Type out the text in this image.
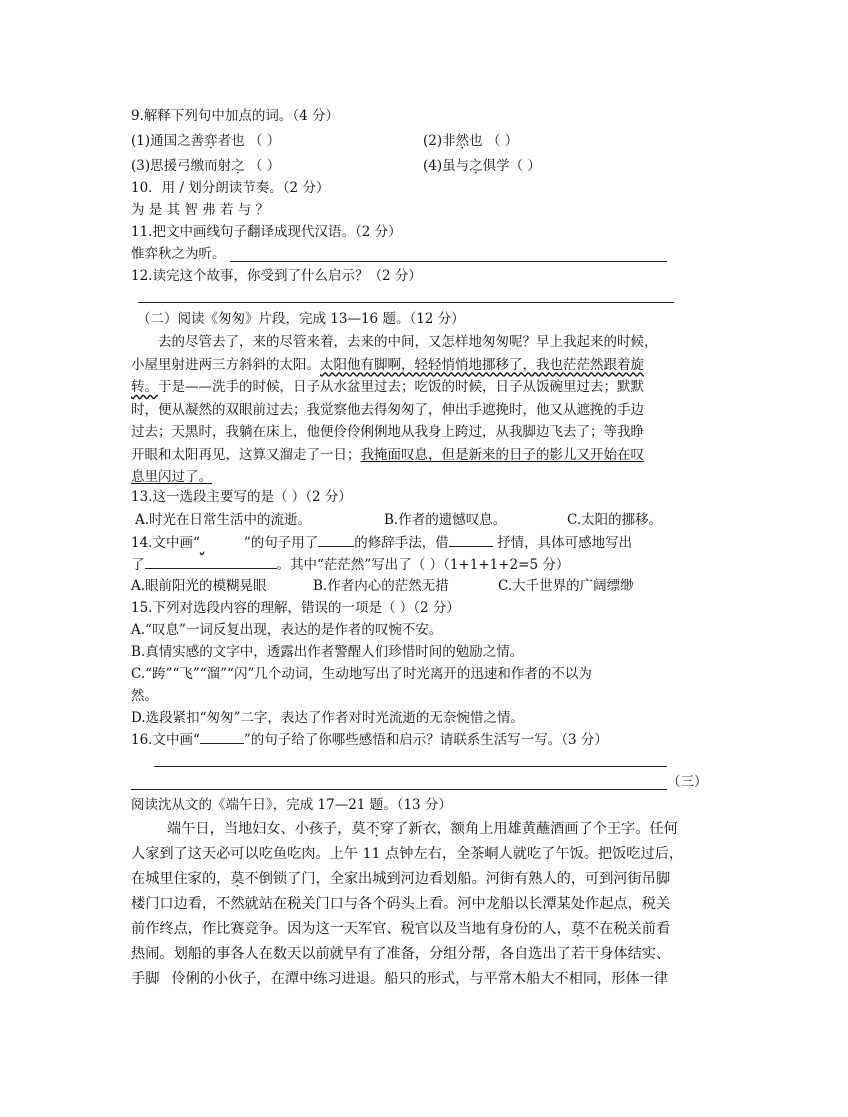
9.解释下列句中加点的词。（4 分）
(1)通国之善弈者也 （ ）	(2)非然也 （ ）
(3)思援弓缴而射之 （ ）	(4)虽与之俱学（ ）
10．用 / 划分朗读节奏。（2 分）
为 是 其 智 弗 若 与 ？
11.把文中画线句子翻译成现代汉语。（2 分）
惟弈秋之为听。
12.读完这个故事，你受到了什么启示？（2 分）
（二）阅读《匆匆》片段，完成 13—16 题。（12 分）
去的尽管去了，来的尽管来着，去来的中间，又怎样地匆匆呢？早上我起来的时候，
小屋里射进两三方斜斜的太阳。太阳他有脚啊，轻轻悄悄地挪移了，我也茫茫然跟着旋
转。于是——洗手的时候，日子从水盆里过去；吃饭的时候，日子从饭碗里过去；默默
时，便从凝然的双眼前过去；我觉察他去得匆匆了，伸出手遮挽时，他又从遮挽的手边
过去；天黑时，我躺在床上，他便伶伶俐俐地从我身上跨过，从我脚边飞去了；等我睁
开眼和太阳再见，这算又溜走了一日；我掩面叹息，但是新来的日子的影儿又开始在叹
息里闪过了。
13.这一选段主要写的是（ ）（2 分）
A.时光在日常生活中的流逝。	B.作者的遗憾叹息。	C.太阳的挪移。
14.文中画“	”的句子用了	的修辞手法，借	抒情，具体可感地写出
了	。其中“茫茫然”写出了（ ）（1+1+1+2=5 分）
A.眼前阳光的模糊晃眼	B.作者内心的茫然无措	C.大千世界的广阔缥缈
15.下列对选段内容的理解，错误的一项是（ ）（2 分）
A.“叹息”一词反复出现，表达的是作者的叹惋不安。
B.真情实感的文字中，透露出作者警醒人们珍惜时间的勉励之情。
C.“跨”“飞”“溜”“闪”几个动词，生动地写出了时光离开的迅速和作者的不以为
然。
D.选段紧扣“匆匆”二字，表达了作者对时光流逝的无奈惋惜之情。
16.文中画“	”的句子给了你哪些感悟和启示？请联系生活写一写。（3 分）
（三）
阅读沈从文的《端午日》，完成 17—21 题。（13 分）
端午日，当地妇女、小孩子，莫不穿了新衣，额角上用雄黄蘸酒画了个王字。任何
人家到了这天必可以吃鱼吃肉。上午 11 点钟左右，全茶峒人就吃了午饭。把饭吃过后，
在城里住家的，莫不倒锁了门，全家出城到河边看划船。河街有熟人的，可到河街吊脚
楼门口边看，不然就站在税关门口与各个码头上看。河中龙船以长潭某处作起点，税关
前作终点，作比赛竞争。因为这一天军官、税官以及当地有身份的人，莫不在税关前看
热闹。划船的事各人在数天以前就早有了准备，分组分帮，各自选出了若干身体结实、
手脚 伶俐的小伙子，在潭中练习进退。船只的形式，与平常木船大不相同，形体一律
